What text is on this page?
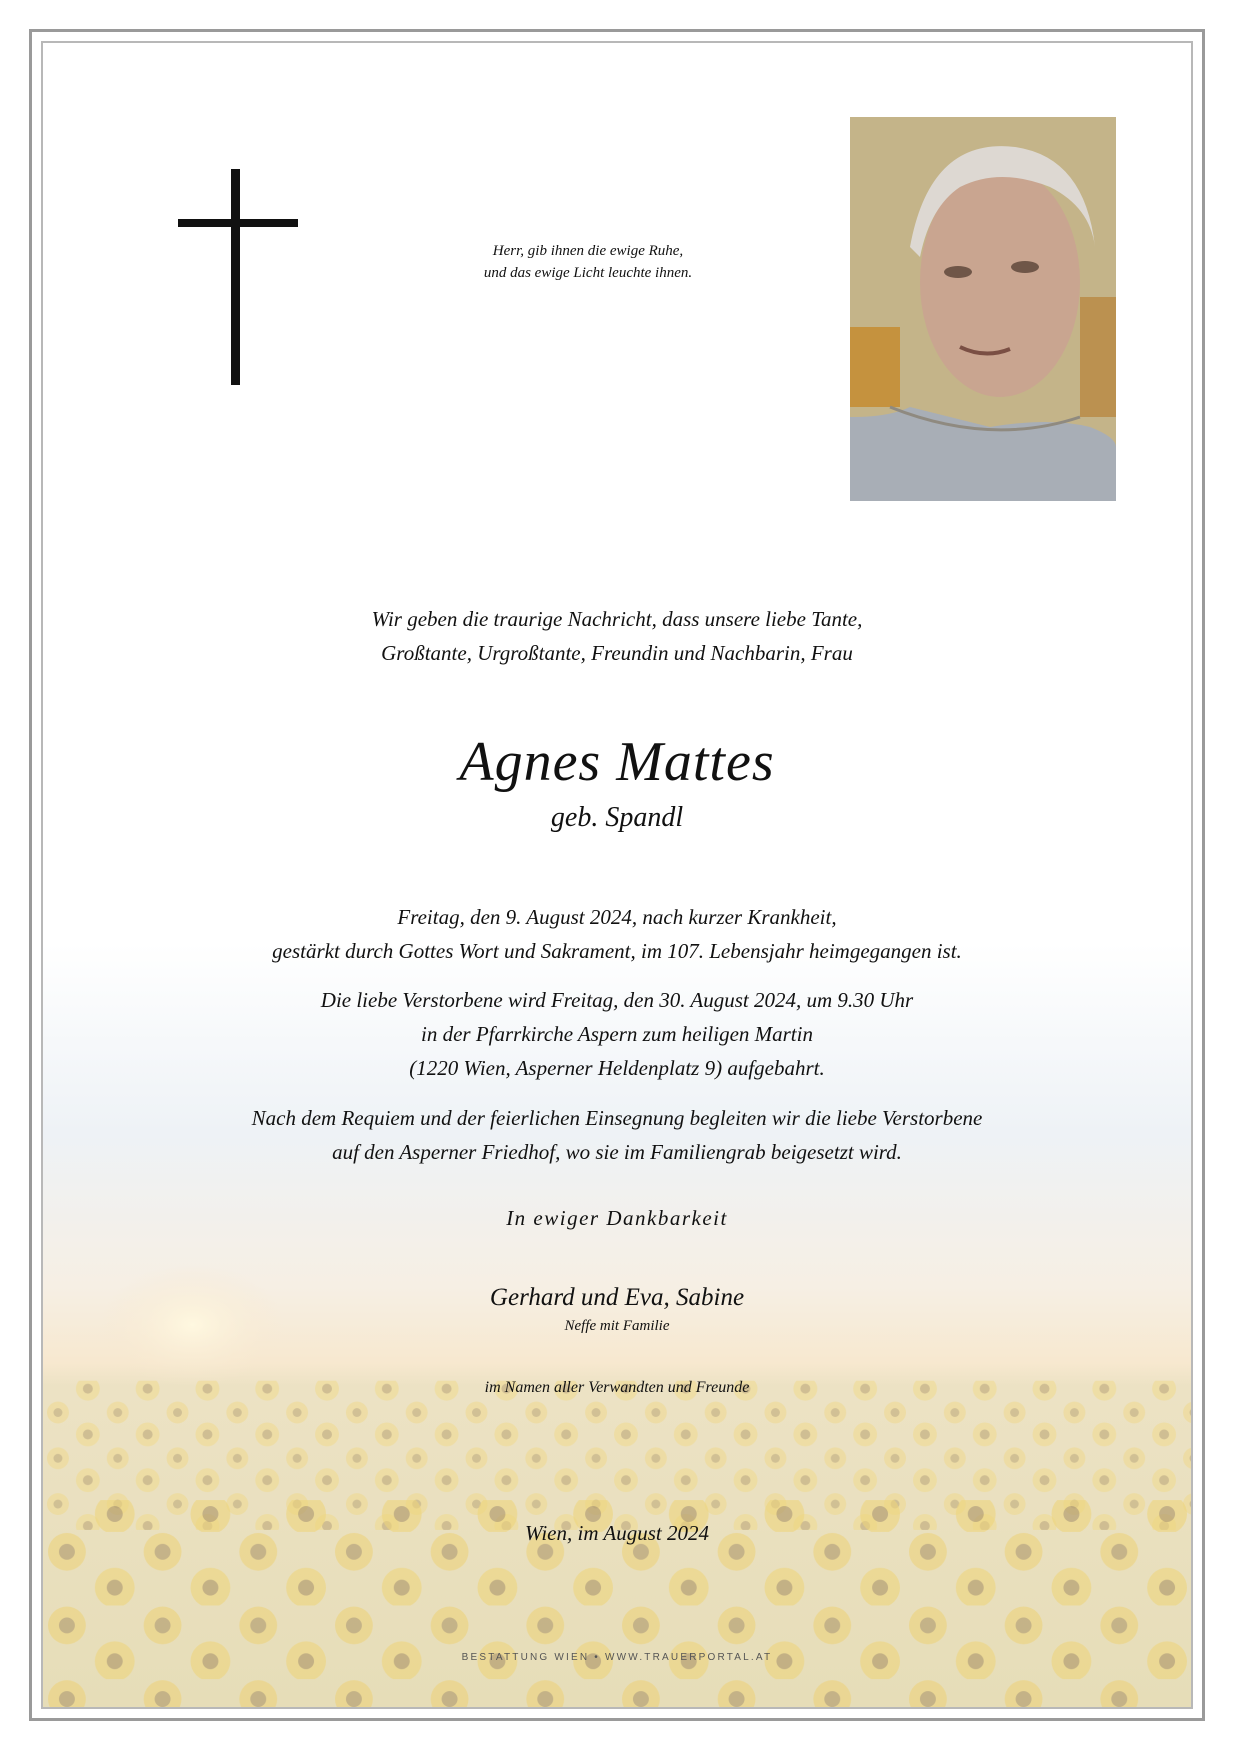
Herr, gib ihnen die ewige Ruhe,
und das ewige Licht leuchte ihnen.
Wir geben die traurige Nachricht, dass unsere liebe Tante,
Großtante, Urgroßtante, Freundin und Nachbarin, Frau
Agnes Mattes
geb. Spandl
Freitag, den 9. August 2024, nach kurzer Krankheit,
gestärkt durch Gottes Wort und Sakrament, im 107. Lebensjahr heimgegangen ist.
Die liebe Verstorbene wird Freitag, den 30. August 2024, um 9.30 Uhr
in der Pfarrkirche Aspern zum heiligen Martin
(1220 Wien, Asperner Heldenplatz 9) aufgebahrt.
Nach dem Requiem und der feierlichen Einsegnung begleiten wir die liebe Verstorbene
auf den Asperner Friedhof, wo sie im Familiengrab beigesetzt wird.
In ewiger Dankbarkeit
Gerhard und Eva, Sabine
Neffe mit Familie
im Namen aller Verwandten und Freunde
Wien, im August 2024
BESTATTUNG WIEN • WWW.TRAUERPORTAL.AT
